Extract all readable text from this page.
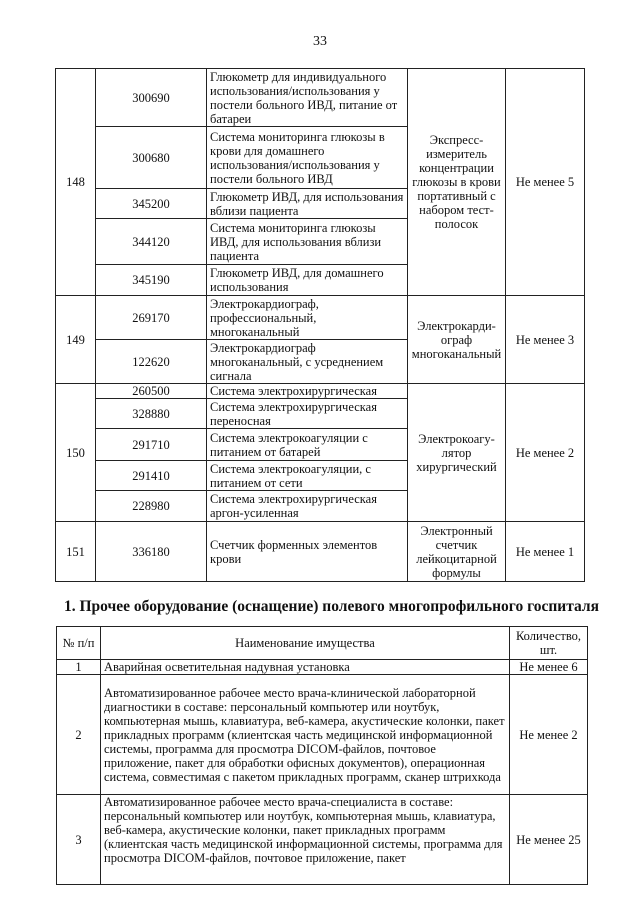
33
148	300690	Глюкометр для индивидуального использования/использования у постели больного ИВД, питание от батареи	Экспресс-измеритель концентрации глюкозы в крови портативный с набором тест-полосок	Не менее 5
	300680	Система мониторинга глюкозы в крови для домашнего использования/использования у постели больного ИВД		
	345200	Глюкометр ИВД, для использования вблизи пациента		
	344120	Система мониторинга глюкозы ИВД, для использования вблизи пациента		
	345190	Глюкометр ИВД, для домашнего использования		
149	269170	Электрокардиограф, профессиональный, многоканальный	Электрокарди-ограф многоканальный	Не менее 3
	122620	Электрокардиограф многоканальный, с усреднением сигнала		
150	260500	Система электрохирургическая	Электрокоагу-лятор хирургический	Не менее 2
	328880	Система электрохирургическая переносная		
	291710	Система электрокоагуляции с питанием от батарей		
	291410	Система электрокоагуляции, с питанием от сети		
	228980	Система электрохирургическая аргон-усиленная		
151	336180	Счетчик форменных элементов крови	Электронный счетчик лейкоцитарной формулы	Не менее 1
1. Прочее оборудование (оснащение) полевого многопрофильного госпиталя
№ п/п	Наименование имущества	Количество, шт.
1	Аварийная осветительная надувная установка	Не менее 6
2	Автоматизированное рабочее место врача-клинической лабораторной диагностики в составе: персональный компьютер или ноутбук, компьютерная мышь, клавиатура, веб-камера, акустические колонки, пакет прикладных программ (клиентская часть медицинской информационной системы, программа для просмотра DICOM-файлов, почтовое приложение, пакет для обработки офисных документов), операционная система, совместимая с пакетом прикладных программ, сканер штрихкода	Не менее 2
3	Автоматизированное рабочее место врача-специалиста в составе: персональный компьютер или ноутбук, компьютерная мышь, клавиатура, веб-камера, акустические колонки, пакет прикладных программ (клиентская часть медицинской информационной системы, программа для просмотра DICOM-файлов, почтовое приложение, пакет	Не менее 25
